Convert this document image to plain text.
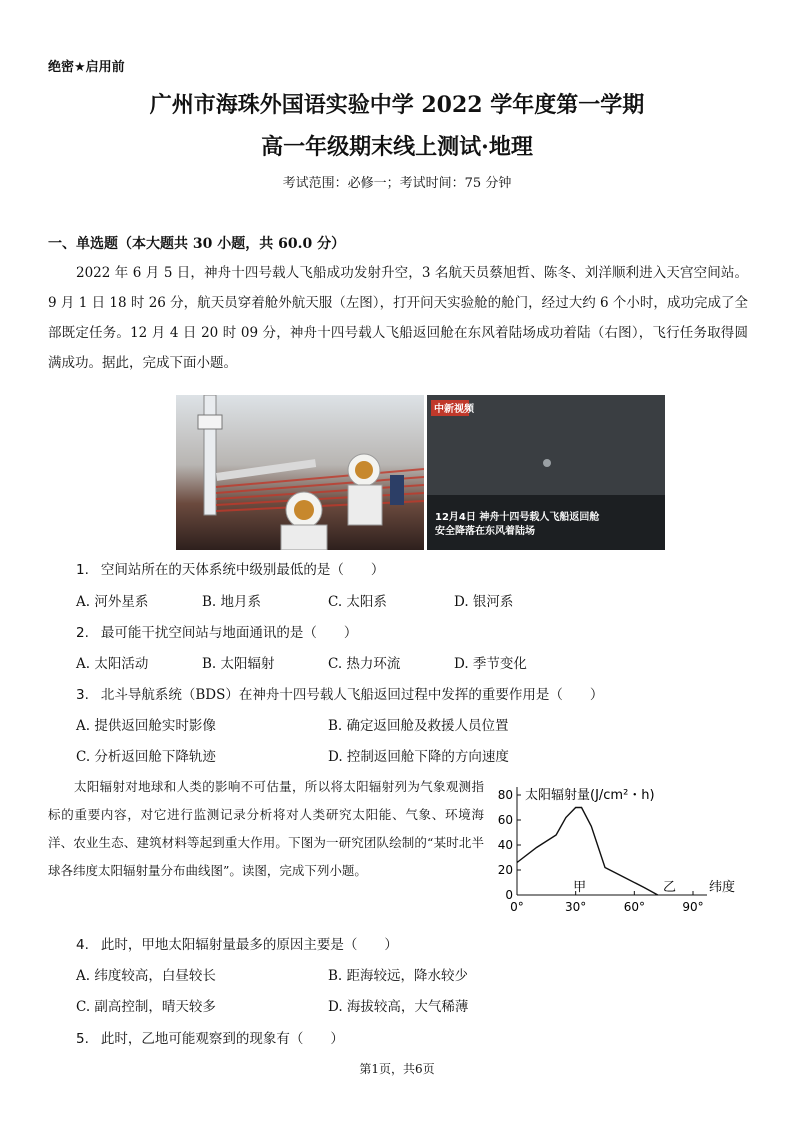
绝密★启用前
广州市海珠外国语实验中学 2022 学年度第一学期
高一年级期末线上测试·地理
考试范围：必修一；考试时间：75 分钟
一、单选题（本大题共 30 小题，共 60.0 分）
2022 年 6 月 5 日，神舟十四号载人飞船成功发射升空，3 名航天员蔡旭哲、陈冬、刘洋顺利进入天宫空间站。9 月 1 日 18 时 26 分，航天员穿着舱外航天服（左图），打开问天实验舱的舱门，经过大约 6 个小时，成功完成了全部既定任务。12 月 4 日 20 时 09 分，神舟十四号载人飞船返回舱在东风着陆场成功着陆（右图），飞行任务取得圆满成功。据此，完成下面小题。
中新视频
12月4日 神舟十四号载人飞船返回舱
安全降落在东风着陆场
1. 空间站所在的天体系统中级别最低的是（　　）
A. 河外星系	B. 地月系	C. 太阳系	D. 银河系
2. 最可能干扰空间站与地面通讯的是（　　）
A. 太阳活动	B. 太阳辐射	C. 热力环流	D. 季节变化
3. 北斗导航系统（BDS）在神舟十四号载人飞船返回过程中发挥的重要作用是（　　）
A. 提供返回舱实时影像	B. 确定返回舱及救援人员位置
C. 分析返回舱下降轨迹	D. 控制返回舱下降的方向速度
太阳辐射对地球和人类的影响不可估量，所以将太阳辐射列为气象观测指标的重要内容，对它进行监测记录分析将对人类研究太阳能、气象、环境海洋、农业生态、建筑材料等起到重大作用。下图为一研究团队绘制的“某时北半球各纬度太阳辐射量分布曲线图”。读图，完成下列小题。
0
20
40
60
80
0°	30°	60°	90°
太阳辐射量(J/cm²・h)
纬度
甲	乙
4. 此时，甲地太阳辐射量最多的原因主要是（　　）
A. 纬度较高，白昼较长	B. 距海较远，降水较少
C. 副高控制，晴天较多	D. 海拔较高，大气稀薄
5. 此时，乙地可能观察到的现象有（　　）
第1页，共6页
